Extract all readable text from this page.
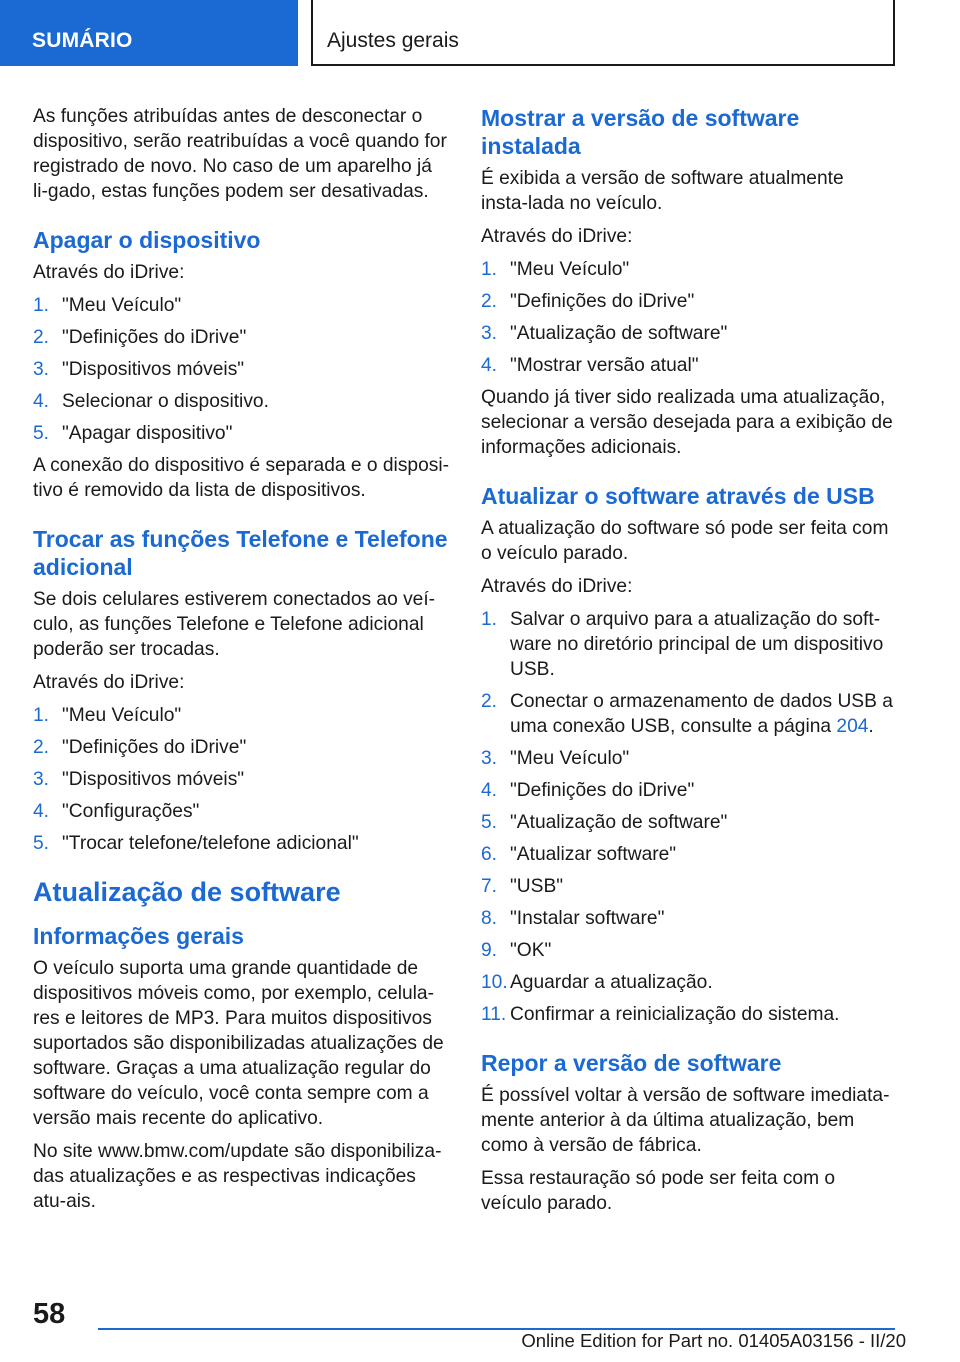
SUMÁRIO	Ajustes gerais

As funções atribuídas antes de desconectar o dispositivo, serão reatribuídas a você quando for registrado de novo. No caso de um aparelho já li-gado, estas funções podem ser desativadas.

Apagar o dispositivo

Através do iDrive:

1. "Meu Veículo"
2. "Definições do iDrive"
3. "Dispositivos móveis"
4. Selecionar o dispositivo.
5. "Apagar dispositivo"

A conexão do dispositivo é separada e o disposi-tivo é removido da lista de dispositivos.

Trocar as funções Telefone e Telefone adicional

Se dois celulares estiverem conectados ao veí-culo, as funções Telefone e Telefone adicional poderão ser trocadas.

Através do iDrive:

1. "Meu Veículo"
2. "Definições do iDrive"
3. "Dispositivos móveis"
4. "Configurações"
5. "Trocar telefone/telefone adicional"
Atualização de software
Informações gerais

O veículo suporta uma grande quantidade de dispositivos móveis como, por exemplo, celula-res e leitores de MP3. Para muitos dispositivos suportados são disponibilizadas atualizações de software. Graças a uma atualização regular do software do veículo, você conta sempre com a versão mais recente do aplicativo.

No site www.bmw.com/update são disponibiliza-das atualizações e as respectivas indicações atu-ais.

Mostrar a versão de software instalada

É exibida a versão de software atualmente insta-lada no veículo.

Através do iDrive:

1. "Meu Veículo"
2. "Definições do iDrive"
3. "Atualização de software"
4. "Mostrar versão atual"

Quando já tiver sido realizada uma atualização, selecionar a versão desejada para a exibição de informações adicionais.

Atualizar o software através de USB

A atualização do software só pode ser feita com o veículo parado.

Através do iDrive:

1. Salvar o arquivo para a atualização do soft-ware no diretório principal de um dispositivo USB.
2. Conectar o armazenamento de dados USB a uma conexão USB, consulte a página 204.
3. "Meu Veículo"
4. "Definições do iDrive"
5. "Atualização de software"
6. "Atualizar software"
7. "USB"
8. "Instalar software"
9. "OK"
10. Aguardar a atualização.
11. Confirmar a reinicialização do sistema.
Repor a versão de software

É possível voltar à versão de software imediata-mente anterior à da última atualização, bem como à versão de fábrica.

Essa restauração só pode ser feita com o veículo parado.

58
Online Edition for Part no. 01405A03156 - II/20
